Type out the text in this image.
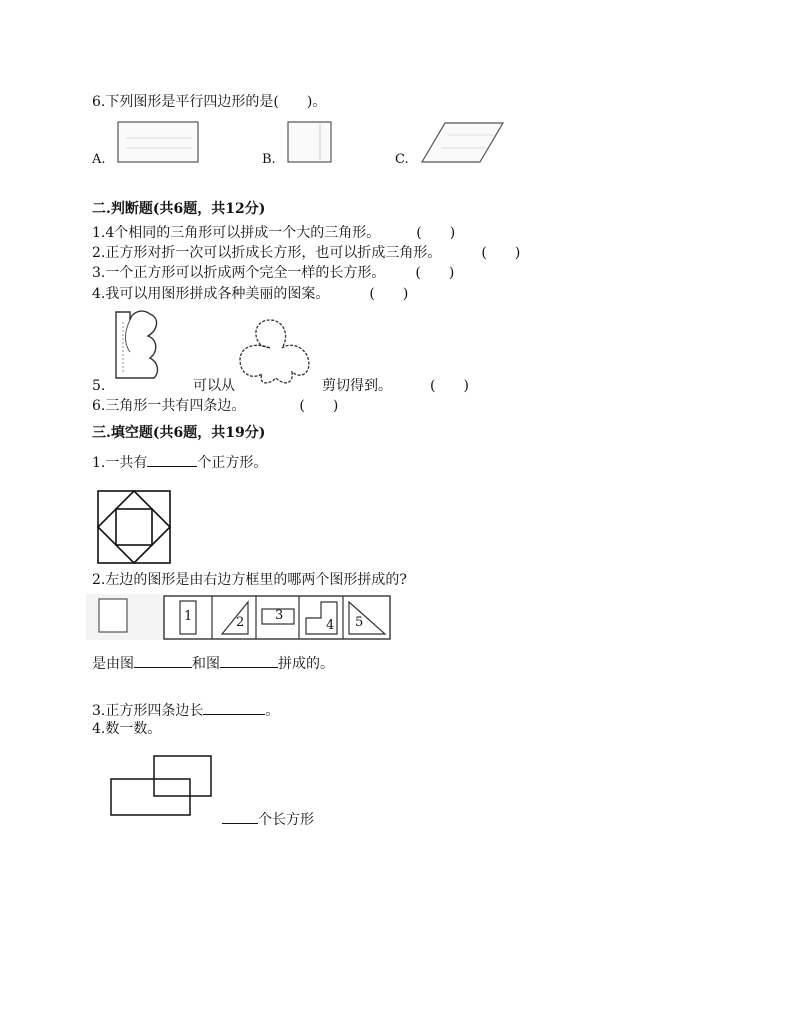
6.下列图形是平行四边形的是(　　)。
A.	B.	C.
二.判断题(共6题，共12分)
1.4个相同的三角形可以拼成一个大的三角形。	(　　)
2.正方形对折一次可以折成长方形，也可以折成三角形。	(　　)
3.一个正方形可以折成两个完全一样的长方形。 (　　)
4.我可以用图形拼成各种美丽的图案。	(　　)
5.	可以从	剪切得到。	(　　)
6.三角形一共有四条边。	(　　)
三.填空题(共6题，共19分)
1.一共有	个正方形。
2.左边的图形是由右边方框里的哪两个图形拼成的?
1	2 3
4 5
是由图	和图	拼成的。
3.正方形四条边长	。
4.数一数。
个长方形
